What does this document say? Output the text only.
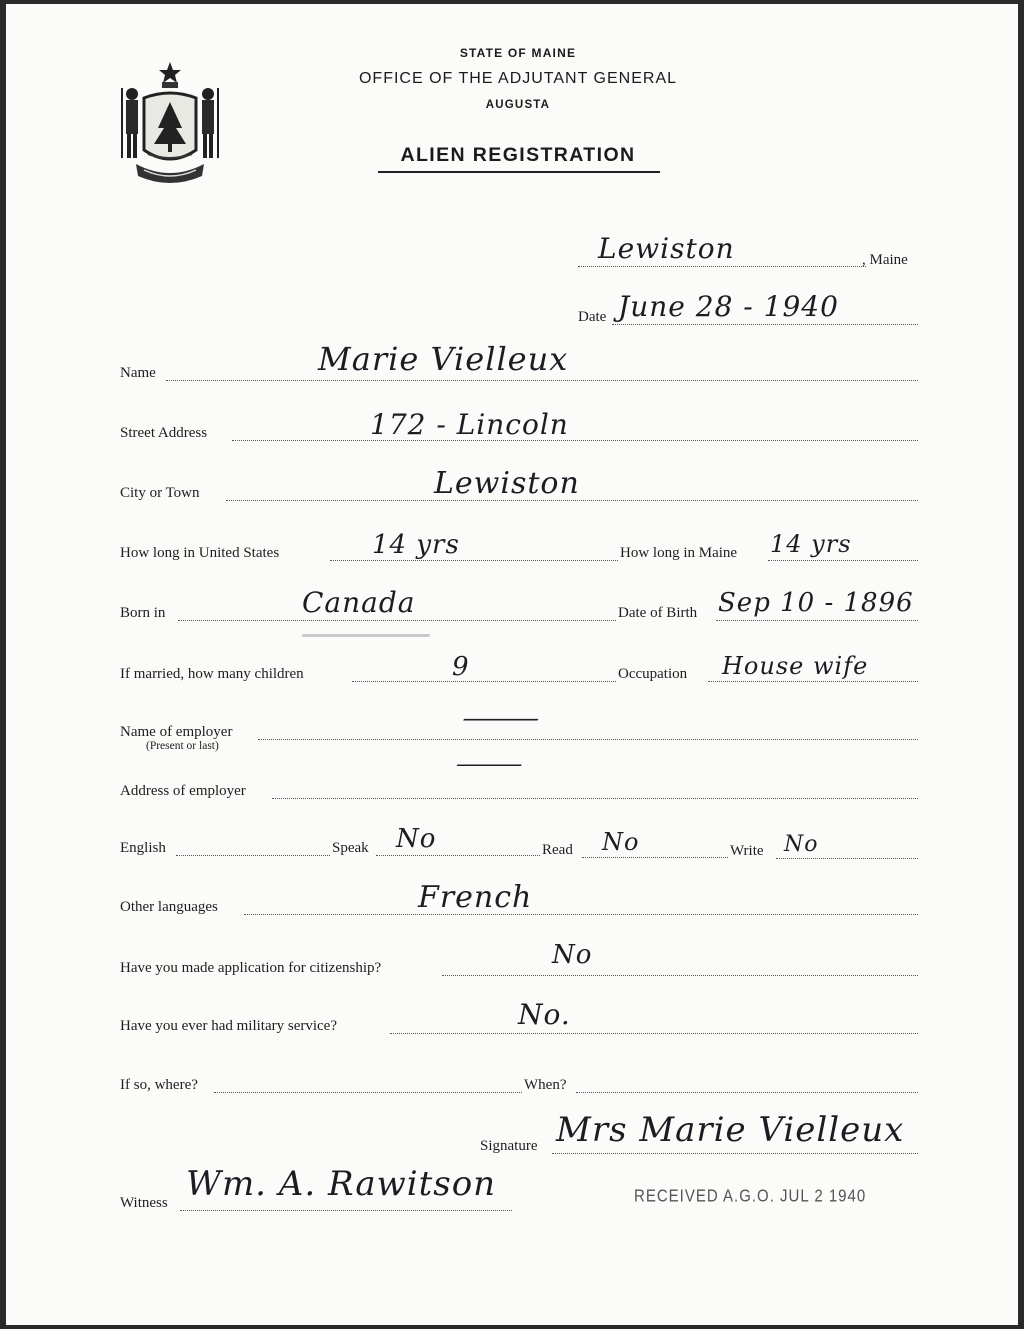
STATE OF MAINE
OFFICE OF THE ADJUTANT GENERAL
AUGUSTA
ALIEN REGISTRATION
Lewiston	, Maine
Date June 28 - 1940
Name	Marie Vielleux
Street Address	172 - Lincoln
City or Town	Lewiston
How long in United States	14 yrs	How long in Maine 14 yrs
Born in	Canada	Date of Birth Sep 10 - 1896
If married, how many children	9	Occupation House wife
Name of employer
(Present or last)
—
Address of employer
—
English	Speak No	Read No	Write No
Other languages	French
Have you made application for citizenship?	No
Have you ever had military service?	No.
If so, where?	When?
Signature Mrs Marie Vielleux
Witness Wm. A. Rawitson	RECEIVED A.G.O. JUL 2 1940
